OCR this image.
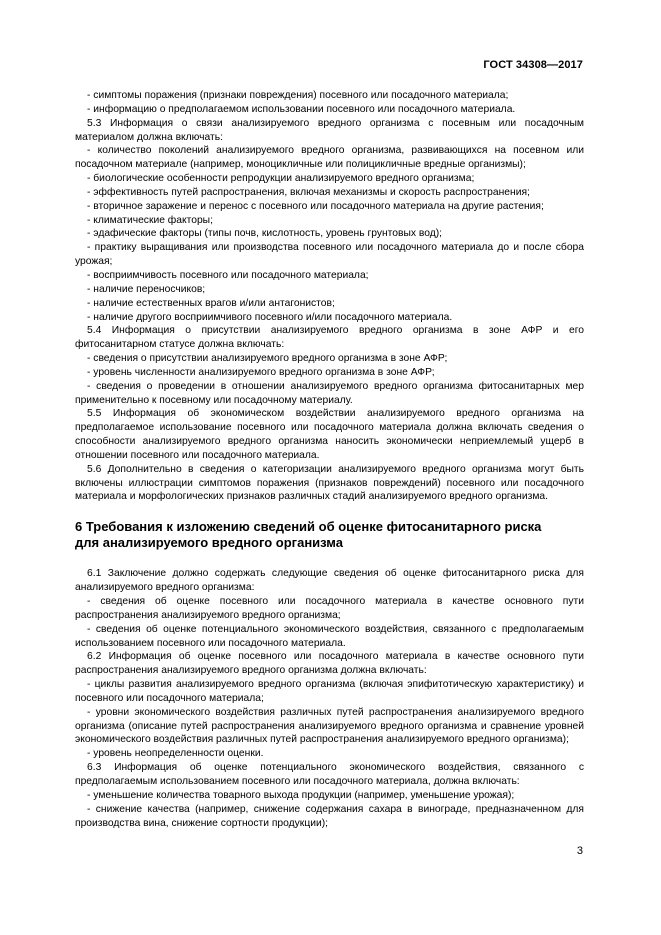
ГОСТ 34308—2017

- симптомы поражения (признаки повреждения) посевного или посадочного материала;

- информацию о предполагаемом использовании посевного или посадочного материала.

5.3 Информация о связи анализируемого вредного организма с посевным или посадочным материалом должна включать:

- количество поколений анализируемого вредного организма, развивающихся на посевном или посадочном материале (например, моноцикличные или полицикличные вредные организмы);

- биологические особенности репродукции анализируемого вредного организма;

- эффективность путей распространения, включая механизмы и скорость распространения;

- вторичное заражение и перенос с посевного или посадочного материала на другие растения;

- климатические факторы;

- эдафические факторы (типы почв, кислотность, уровень грунтовых вод);

- практику выращивания или производства посевного или посадочного материала до и после сбора урожая;

- восприимчивость посевного или посадочного материала;

- наличие переносчиков;

- наличие естественных врагов и/или антагонистов;

- наличие другого восприимчивого посевного и/или посадочного материала.

5.4 Информация о присутствии анализируемого вредного организма в зоне АФР и его фитосанитарном статусе должна включать:

- сведения о присутствии анализируемого вредного организма в зоне АФР;

- уровень численности анализируемого вредного организма в зоне АФР;

- сведения о проведении в отношении анализируемого вредного организма фитосанитарных мер применительно к посевному или посадочному материалу.

5.5 Информация об экономическом воздействии анализируемого вредного организма на предполагаемое использование посевного или посадочного материала должна включать сведения о способности анализируемого вредного организма наносить экономически неприемлемый ущерб в отношении посевного или посадочного материала.

5.6 Дополнительно в сведения о категоризации анализируемого вредного организма могут быть включены иллюстрации симптомов поражения (признаков повреждений) посевного или посадочного материала и морфологических признаков различных стадий анализируемого вредного организма.

6 Требования к изложению сведений об оценке фитосанитарного риска
для анализируемого вредного организма

6.1 Заключение должно содержать следующие сведения об оценке фитосанитарного риска для анализируемого вредного организма:

- сведения об оценке посевного или посадочного материала в качестве основного пути распространения анализируемого вредного организма;

- сведения об оценке потенциального экономического воздействия, связанного с предполагаемым использованием посевного или посадочного материала.

6.2 Информация об оценке посевного или посадочного материала в качестве основного пути распространения анализируемого вредного организма должна включать:

- циклы развития анализируемого вредного организма (включая эпифитотическую характеристику) и посевного или посадочного материала;

- уровни экономического воздействия различных путей распространения анализируемого вредного организма (описание путей распространения анализируемого вредного организма и сравнение уровней экономического воздействия различных путей распространения анализируемого вредного организма);

- уровень неопределенности оценки.

6.3 Информация об оценке потенциального экономического воздействия, связанного с предполагаемым использованием посевного или посадочного материала, должна включать:

- уменьшение количества товарного выхода продукции (например, уменьшение урожая);

- снижение качества (например, снижение содержания сахара в винограде, предназначенном для производства вина, снижение сортности продукции);

3
